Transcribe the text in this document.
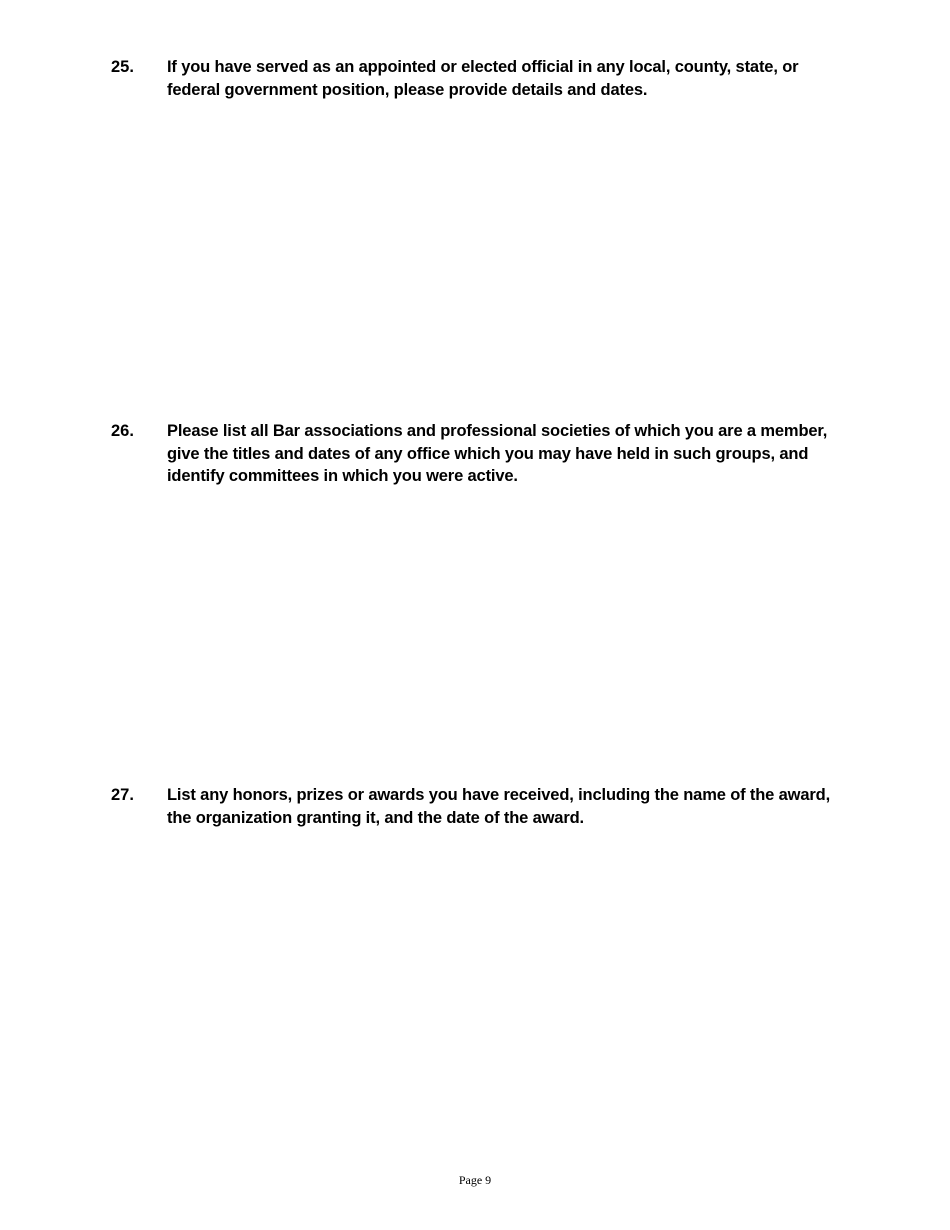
25. If you have served as an appointed or elected official in any local, county, state, or
federal government position, please provide details and dates.
26. Please list all Bar associations and professional societies of which you are a member,
give the titles and dates of any office which you may have held in such groups, and
identify committees in which you were active.
27. List any honors, prizes or awards you have received, including the name of the award,
the organization granting it, and the date of the award.
Page 9
